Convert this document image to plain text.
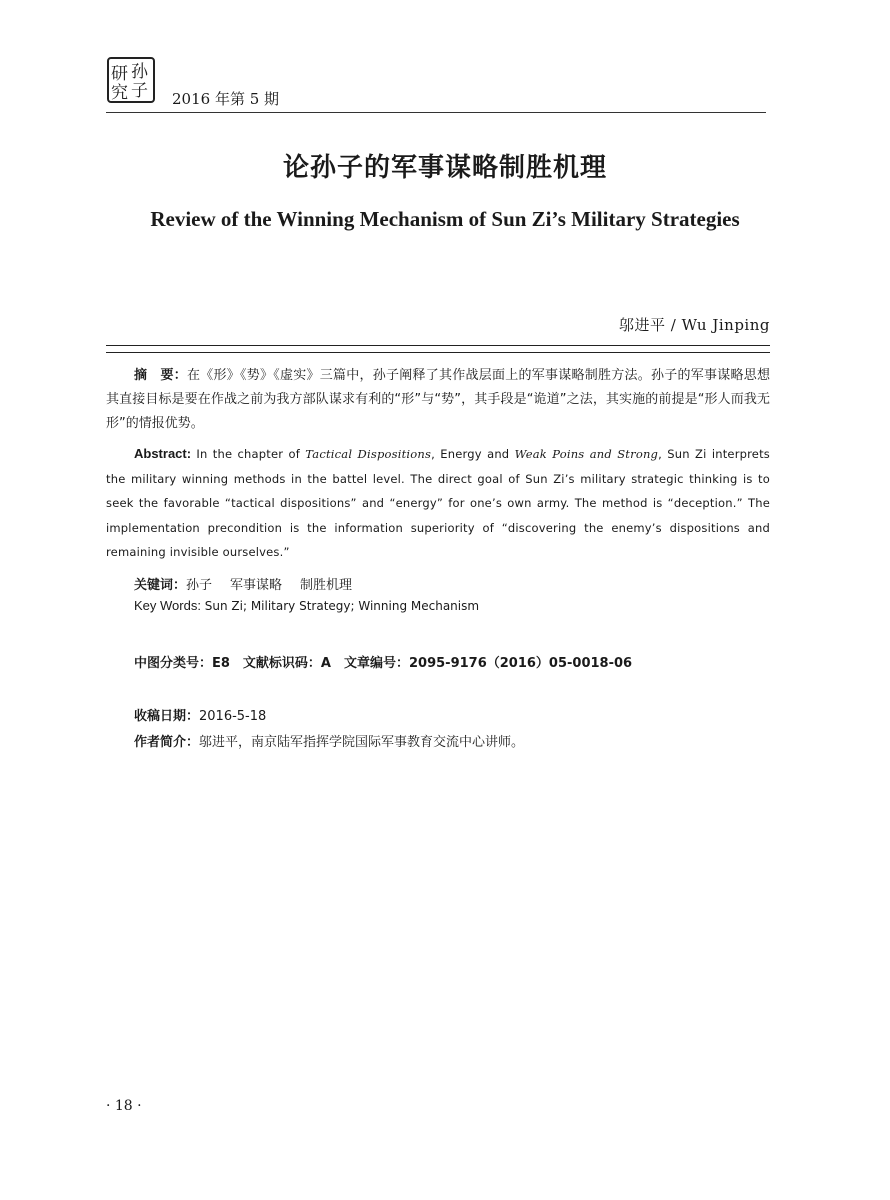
研 孙
究 子 2016 年第 5 期
论孙子的军事谋略制胜机理
Review of the Winning Mechanism of Sun Zi’s Military Strategies
邬进平 / Wu Jinping
摘　要：在《形》《势》《虚实》三篇中，孙子阐释了其作战层面上的军事谋略制胜方法。孙子的军事谋略思想其直接目标是要在作战之前为我方部队谋求有利的“形”与“势”，其手段是“诡道”之法，其实施的前提是“形人而我无形”的情报优势。
Abstract: In the chapter of Tactical Dispositions, Energy and Weak Poins and Strong, Sun Zi interprets the military winning methods in the battel level. The direct goal of Sun Zi’s military strategic thinking is to seek the favorable “tactical dispositions” and “energy” for one’s own army. The method is “deception.” The implementation precondition is the information superiority of “discovering the enemy’s dispositions and remaining invisible ourselves.”
关键词：孙子 军事谋略 制胜机理
Key Words: Sun Zi; Military Strategy; Winning Mechanism
中图分类号：E8　文献标识码：A　文章编号：2095-9176（2016）05-0018-06
收稿日期：2016-5-18
作者简介：邬进平，南京陆军指挥学院国际军事教育交流中心讲师。
· 18 ·
